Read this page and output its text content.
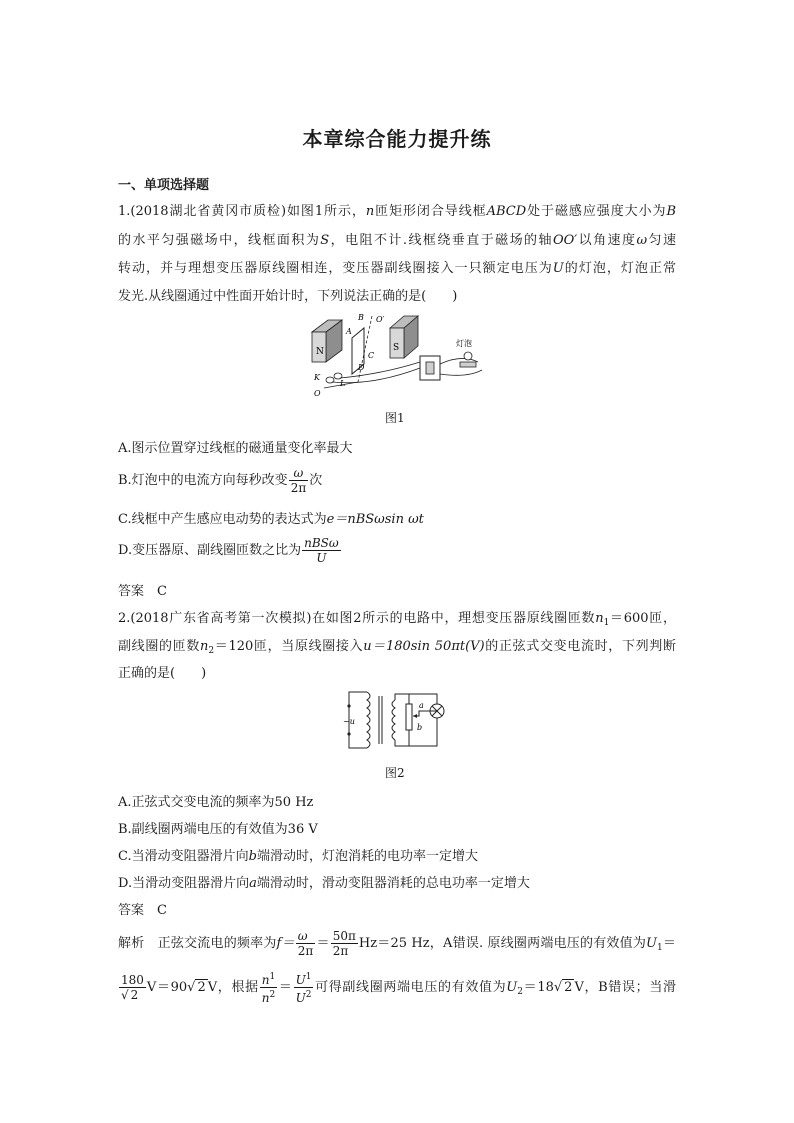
本章综合能力提升练
一、单项选择题
1.(2018湖北省黄冈市质检)如图1所示，n匝矩形闭合导线框ABCD处于磁感应强度大小为B
的水平匀强磁场中，线框面积为S，电阻不计.线框绕垂直于磁场的轴OO′以角速度ω匀速
转动，并与理想变压器原线圈相连，变压器副线圈接入一只额定电压为U的灯泡，灯泡正常
发光.从线圈通过中性面开始计时，下列说法正确的是(　　)
N	S
A
B
C
D
O′
O
K
L
灯泡
图1
A.图示位置穿过线框的磁通量变化率最大
B.灯泡中的电流方向每秒改变 $\frac{\omega}{2\pi}$ 次
C.线框中产生感应电动势的表达式为e＝nBSωsin ωt
D.变压器原、副线圈匝数之比为 $\frac{\text{nBSω}}{U}$
答案　C
2.(2018广东省高考第一次模拟)在如图2所示的电路中，理想变压器原线圈匝数$n_1=600$匝，
副线圈的匝数$n_2=120$匝，当原线圈接入u＝180sin 50πt(V)的正弦式交变电流时，下列判断
正确的是(　　)
~u
a
b
图2
A.正弦式交变电流的频率为50 Hz
B.副线圈两端电压的有效值为36 V
C.当滑动变阻器滑片向b端滑动时，灯泡消耗的电功率一定增大
D.当滑动变阻器滑片向a端滑动时，滑动变阻器消耗的总电功率一定增大
答案　C
解析　正弦交流电的频率为$f= \frac{\omega}{2\pi} = \frac{50\pi}{2\pi} Hz=25$ Hz，A错误. 原线圈两端电压的有效值为$U_1=$
$\frac{180}{√ 2} V=90√$ 2 V，根据 $\frac{n^1}{n^2} = \frac{U^1}{U^2}$ 可得副线圈两端电压的有效值为$U_2=18√$ 2 V，B错误；当滑
